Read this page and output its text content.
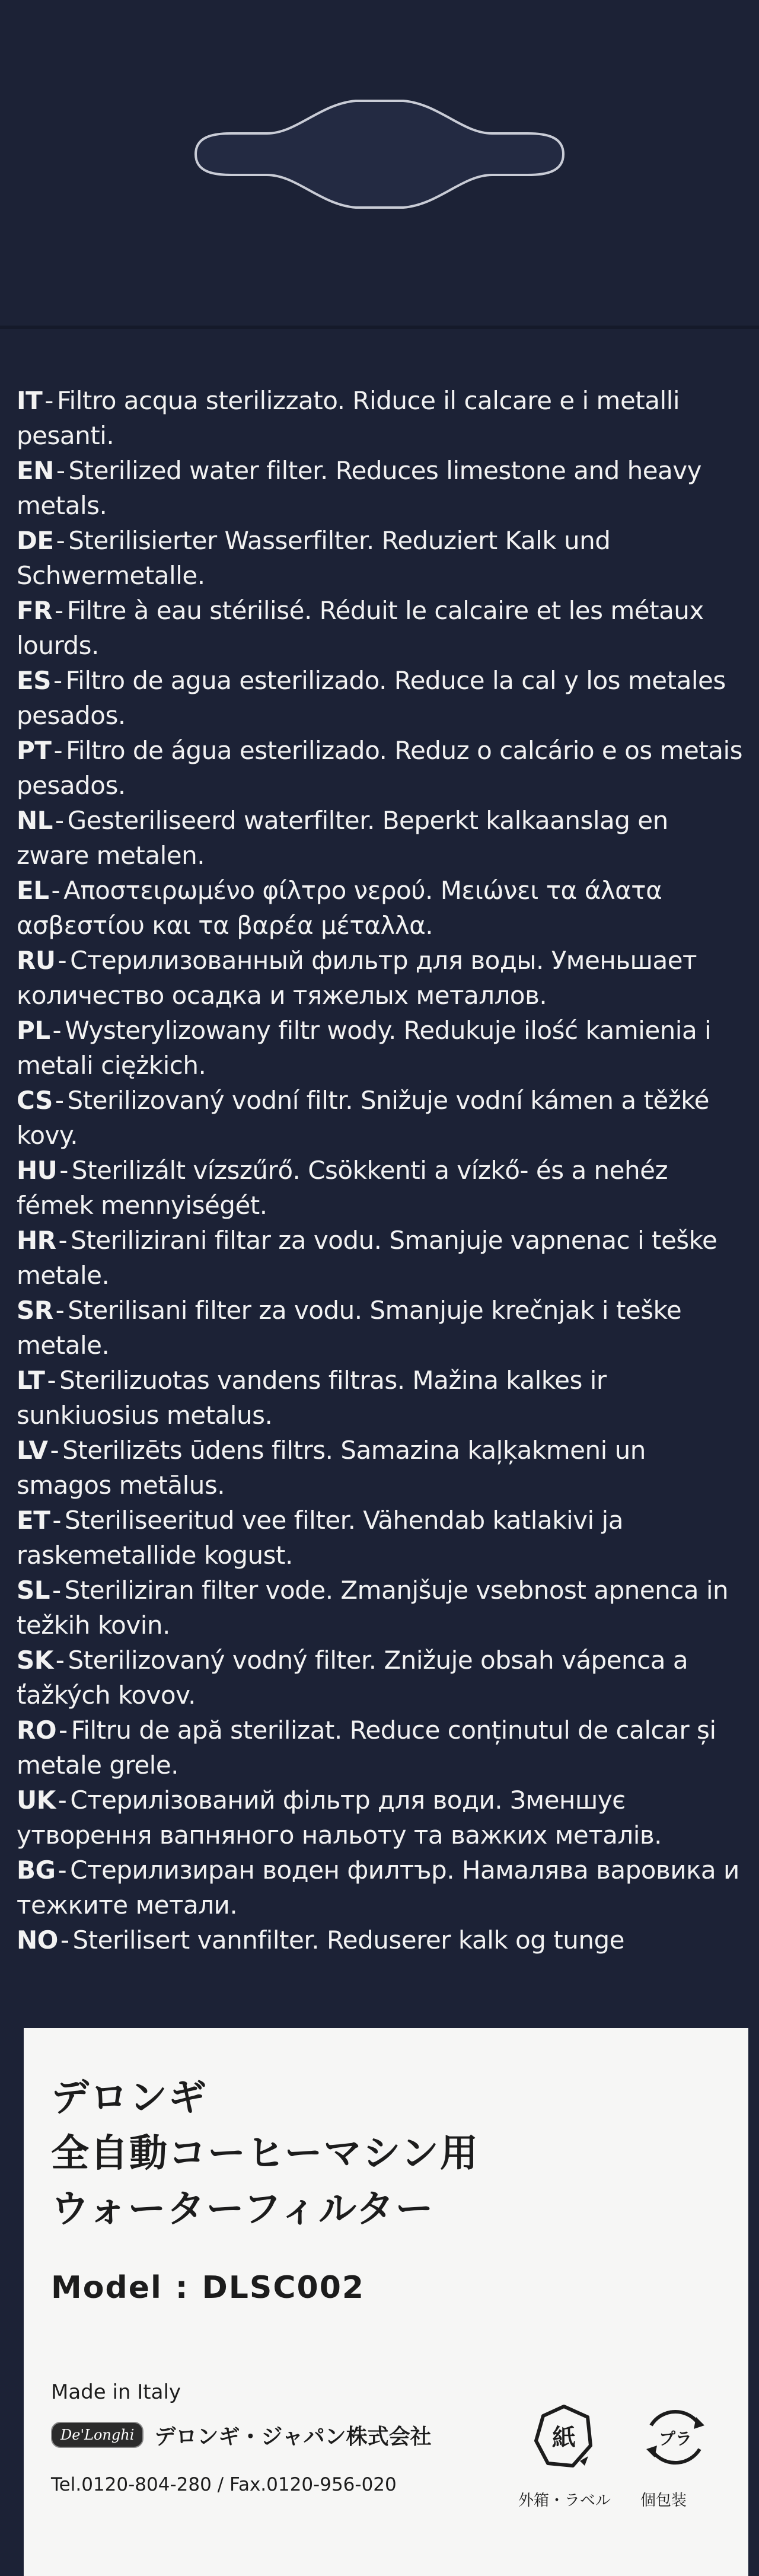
IT- Filtro acqua sterilizzato. Riduce il calcare e i metalli pesanti.

EN- Sterilized water filter. Reduces limestone and heavy metals.

DE- Sterilisierter Wasserfilter. Reduziert Kalk und Schwermetalle.

FR- Filtre à eau stérilisé. Réduit le calcaire et les métaux lourds.

ES- Filtro de agua esterilizado. Reduce la cal y los metales pesados.

PT- Filtro de água esterilizado. Reduz o calcário e os metais pesados.

NL- Gesteriliseerd waterfilter. Beperkt kalkaanslag en zware metalen.

EL- Αποστειρωμένο φίλτρο νερού. Μειώνει τα άλατα ασβεστίου και τα βαρέα μέταλλα.

RU- Стерилизованный фильтр для воды. Уменьшает количество осадка и тяжелых металлов.

PL- Wysterylizowany filtr wody. Redukuje ilość kamienia i metali ciężkich.

CS- Sterilizovaný vodní filtr. Snižuje vodní kámen a těžké kovy.

HU- Sterilizált vízszűrő. Csökkenti a vízkő- és a nehéz fémek mennyiségét.

HR- Sterilizirani filtar za vodu. Smanjuje vapnenac i teške metale.

SR- Sterilisani filter za vodu. Smanjuje krečnjak i teške metale.

LT- Sterilizuotas vandens filtras. Mažina kalkes ir sunkiuosius metalus.

LV- Sterilizēts ūdens filtrs. Samazina kaļķakmeni un smagos metālus.

ET- Steriliseeritud vee filter. Vähendab katlakivi ja raskemetallide kogust.

SL- Steriliziran filter vode. Zmanjšuje vsebnost apnenca in težkih kovin.

SK- Sterilizovaný vodný filter. Znižuje obsah vápenca a ťažkých kovov.

RO- Filtru de apă sterilizat. Reduce conținutul de calcar și metale grele.

UK- Стерилізований фільтр для води. Зменшує утворення вапняного нальоту та важких металів.

BG- Стерилизиран воден филтър. Намалява варовика и тежките метали.

NO- Sterilisert vannfilter. Reduserer kalk og tunge

デロンギ
全自動コーヒーマシン用
ウォーターフィルター
Model : DLSC002
Made in Italy
De'Longhi デロンギ・ジャパン株式会社
Tel.0120-804-280 / Fax.0120-956-020
紙
外箱・ラベル
プラ
個包装
